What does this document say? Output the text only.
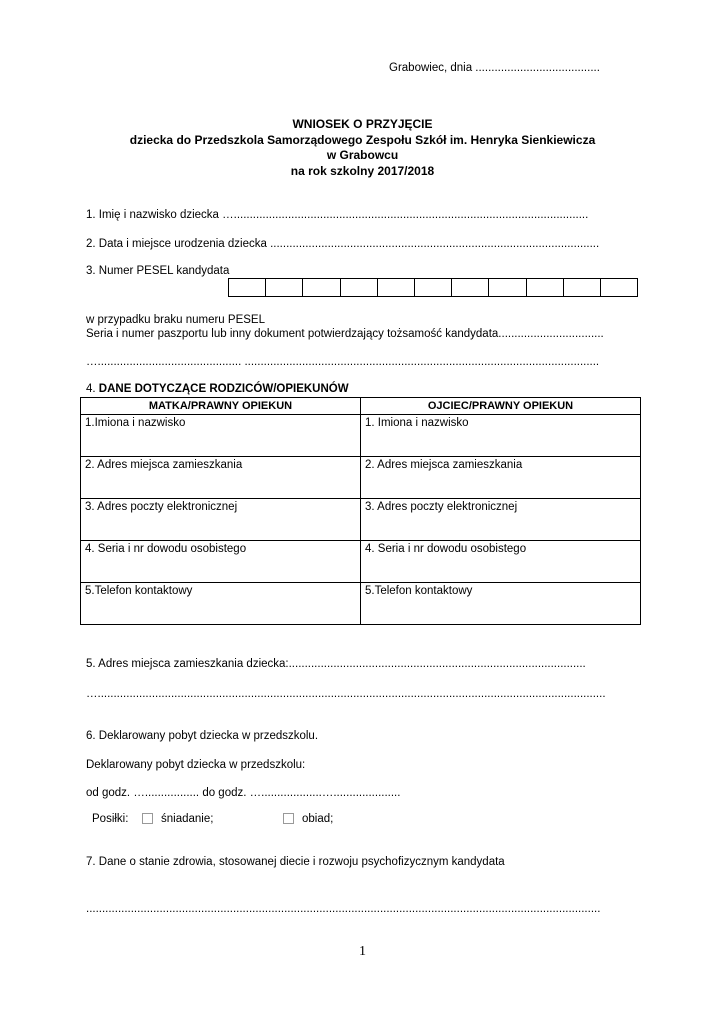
Grabowiec, dnia .......................................
WNIOSEK O PRZYJĘCIE
dziecka do Przedszkola Samorządowego Zespołu Szkół im. Henryka Sienkiewicza
w Grabowcu
na rok szkolny 2017/2018
1. Imię i nazwisko dziecka …...............................................................................................................
2. Data i miejsce urodzenia dziecka .......................................................................................................
3. Numer PESEL kandydata
w przypadku braku numeru PESEL
Seria i numer paszportu lub inny dokument potwierdzający tożsamość kandydata.................................
…............................................. ...............................................................................................................
4. DANE DOTYCZĄCE RODZICÓW/OPIEKUNÓW
MATKA/PRAWNY OPIEKUN	OJCIEC/PRAWNY OPIEKUN
1.Imiona i nazwisko	1. Imiona i nazwisko
2. Adres miejsca zamieszkania	2. Adres miejsca zamieszkania
3. Adres poczty elektronicznej	3. Adres poczty elektronicznej
4. Seria i nr dowodu osobistego	4. Seria i nr dowodu osobistego
5.Telefon kontaktowy	5.Telefon kontaktowy
5. Adres miejsca zamieszkania dziecka:.............................................................................................
…...............................................................................................................................................................
6. Deklarowany pobyt dziecka w przedszkolu.
Deklarowany pobyt dziecka w przedszkolu:
od godz. …................. do godz. …...................….....................
Posiłki:	śniadanie;	obiad;
7. Dane o stanie zdrowia, stosowanej diecie i rozwoju psychofizycznym kandydata
.................................................................................................................................................................
1
